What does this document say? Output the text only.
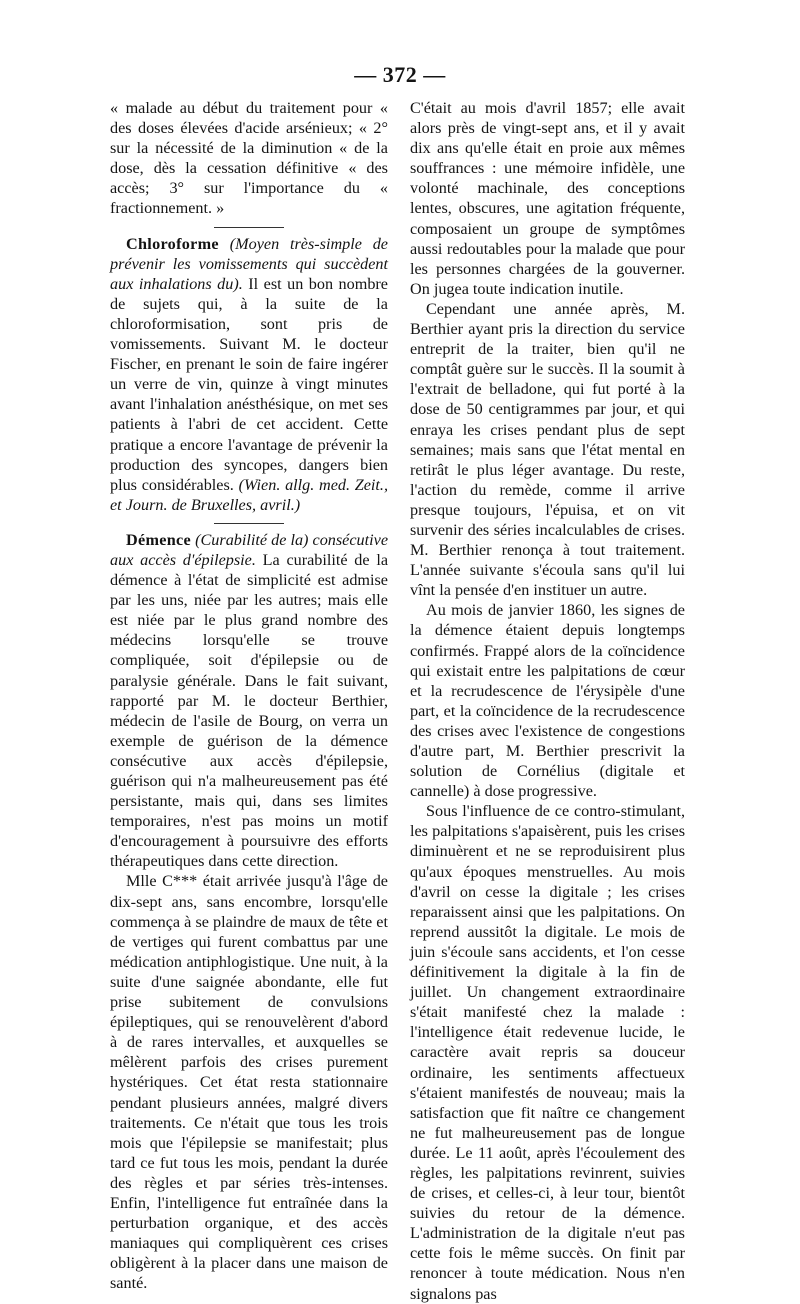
— 372 —

« malade au début du traitement pour « des doses élevées d'acide arsénieux; « 2° sur la nécessité de la diminution « de la dose, dès la cessation définitive « des accès; 3° sur l'importance du « fractionnement. »

Chloroforme (Moyen très-simple de prévenir les vomissements qui succèdent aux inhalations du). Il est un bon nombre de sujets qui, à la suite de la chloroformisation, sont pris de vomissements. Suivant M. le docteur Fischer, en prenant le soin de faire ingérer un verre de vin, quinze à vingt minutes avant l'inhalation anésthésique, on met ses patients à l'abri de cet accident. Cette pratique a encore l'avantage de prévenir la production des syncopes, dangers bien plus considérables. (Wien. allg. med. Zeit., et Journ. de Bruxelles, avril.)

Démence (Curabilité de la) consécutive aux accès d'épilepsie. La curabilité de la démence à l'état de simplicité est admise par les uns, niée par les autres; mais elle est niée par le plus grand nombre des médecins lorsqu'elle se trouve compliquée, soit d'épilepsie ou de paralysie générale. Dans le fait suivant, rapporté par M. le docteur Berthier, médecin de l'asile de Bourg, on verra un exemple de guérison de la démence consécutive aux accès d'épilepsie, guérison qui n'a malheureusement pas été persistante, mais qui, dans ses limites temporaires, n'est pas moins un motif d'encouragement à poursuivre des efforts thérapeutiques dans cette direction.

Mlle C*** était arrivée jusqu'à l'âge de dix-sept ans, sans encombre, lorsqu'elle commença à se plaindre de maux de tête et de vertiges qui furent combattus par une médication antiphlogistique. Une nuit, à la suite d'une saignée abondante, elle fut prise subitement de convulsions épileptiques, qui se renouvelèrent d'abord à de rares intervalles, et auxquelles se mêlèrent parfois des crises purement hystériques. Cet état resta stationnaire pendant plusieurs années, malgré divers traitements. Ce n'était que tous les trois mois que l'épilepsie se manifestait; plus tard ce fut tous les mois, pendant la durée des règles et par séries très-intenses. Enfin, l'intelligence fut entraînée dans la perturbation organique, et des accès maniaques qui compliquèrent ces crises obligèrent à la placer dans une maison de santé.

C'était au mois d'avril 1857; elle avait alors près de vingt-sept ans, et il y avait dix ans qu'elle était en proie aux mêmes souffrances : une mémoire infidèle, une volonté machinale, des conceptions lentes, obscures, une agitation fréquente, composaient un groupe de symptômes aussi redoutables pour la malade que pour les personnes chargées de la gouverner. On jugea toute indication inutile.

Cependant une année après, M. Berthier ayant pris la direction du service entreprit de la traiter, bien qu'il ne comptât guère sur le succès. Il la soumit à l'extrait de belladone, qui fut porté à la dose de 50 centigrammes par jour, et qui enraya les crises pendant plus de sept semaines; mais sans que l'état mental en retirât le plus léger avantage. Du reste, l'action du remède, comme il arrive presque toujours, l'épuisa, et on vit survenir des séries incalculables de crises. M. Berthier renonça à tout traitement. L'année suivante s'écoula sans qu'il lui vînt la pensée d'en instituer un autre.

Au mois de janvier 1860, les signes de la démence étaient depuis longtemps confirmés. Frappé alors de la coïncidence qui existait entre les palpitations de cœur et la recrudescence de l'érysipèle d'une part, et la coïncidence de la recrudescence des crises avec l'existence de congestions d'autre part, M. Berthier prescrivit la solution de Cornélius (digitale et cannelle) à dose progressive.

Sous l'influence de ce contro-stimulant, les palpitations s'apaisèrent, puis les crises diminuèrent et ne se reproduisirent plus qu'aux époques menstruelles. Au mois d'avril on cesse la digitale ; les crises reparaissent ainsi que les palpitations. On reprend aussitôt la digitale. Le mois de juin s'écoule sans accidents, et l'on cesse définitivement la digitale à la fin de juillet. Un changement extraordinaire s'était manifesté chez la malade : l'intelligence était redevenue lucide, le caractère avait repris sa douceur ordinaire, les sentiments affectueux s'étaient manifestés de nouveau; mais la satisfaction que fit naître ce changement ne fut malheureusement pas de longue durée. Le 11 août, après l'écoulement des règles, les palpitations revinrent, suivies de crises, et celles-ci, à leur tour, bientôt suivies du retour de la démence. L'administration de la digitale n'eut pas cette fois le même succès. On finit par renoncer à toute médication. Nous n'en signalons pas
